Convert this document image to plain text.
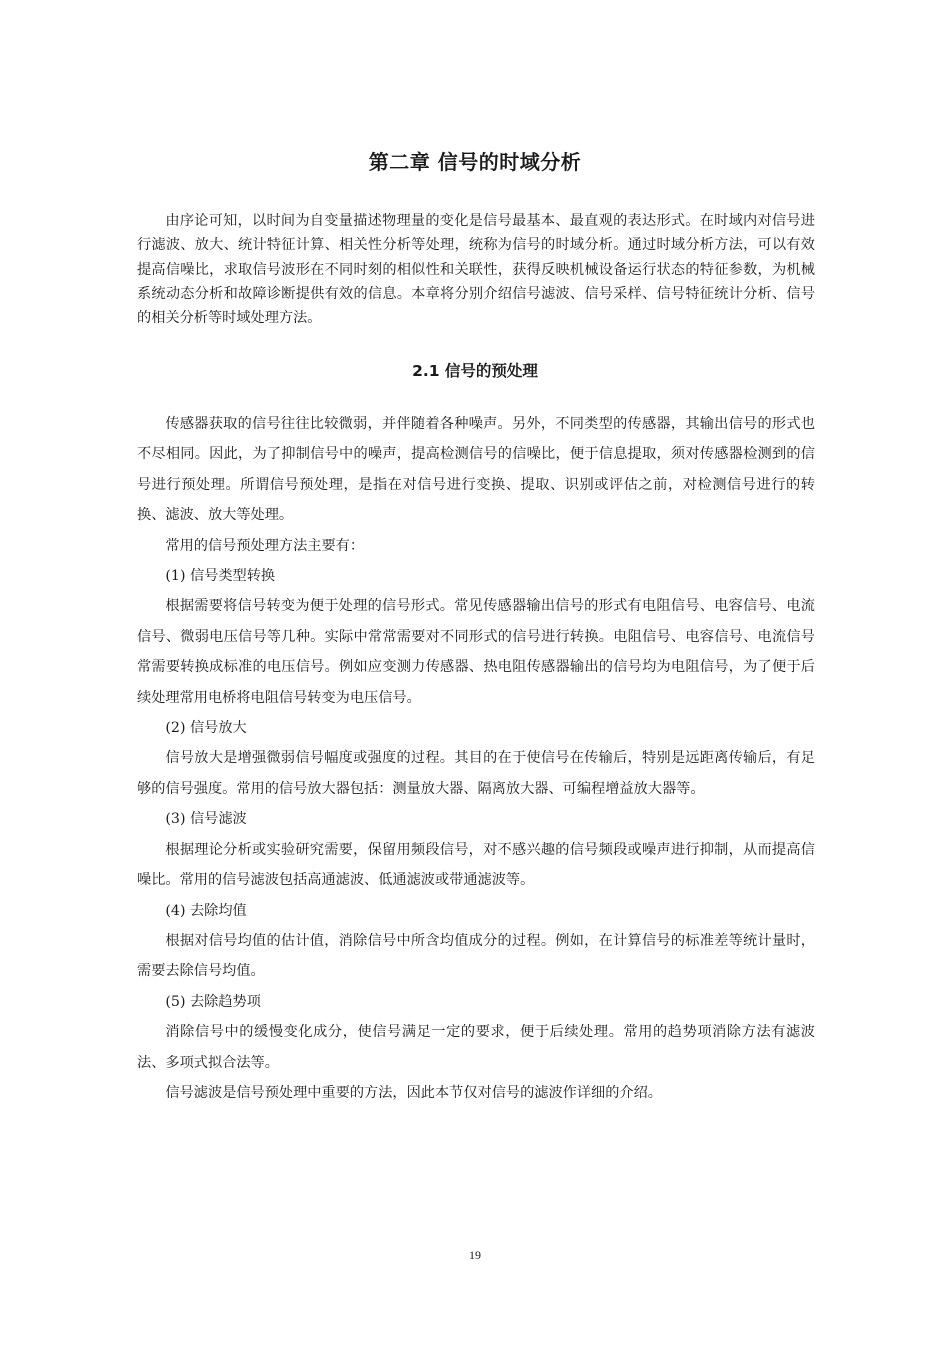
第二章 信号的时域分析

由序论可知，以时间为自变量描述物理量的变化是信号最基本、最直观的表达形式。在时域内对信号进行滤波、放大、统计特征计算、相关性分析等处理，统称为信号的时域分析。通过时域分析方法，可以有效提高信噪比，求取信号波形在不同时刻的相似性和关联性，获得反映机械设备运行状态的特征参数，为机械系统动态分析和故障诊断提供有效的信息。本章将分别介绍信号滤波、信号采样、信号特征统计分析、信号的相关分析等时域处理方法。

2.1 信号的预处理

传感器获取的信号往往比较微弱，并伴随着各种噪声。另外，不同类型的传感器，其输出信号的形式也不尽相同。因此，为了抑制信号中的噪声，提高检测信号的信噪比，便于信息提取，须对传感器检测到的信号进行预处理。所谓信号预处理，是指在对信号进行变换、提取、识别或评估之前，对检测信号进行的转换、滤波、放大等处理。

常用的信号预处理方法主要有：

(1) 信号类型转换

根据需要将信号转变为便于处理的信号形式。常见传感器输出信号的形式有电阻信号、电容信号、电流信号、微弱电压信号等几种。实际中常常需要对不同形式的信号进行转换。电阻信号、电容信号、电流信号常需要转换成标准的电压信号。例如应变测力传感器、热电阻传感器输出的信号均为电阻信号，为了便于后续处理常用电桥将电阻信号转变为电压信号。

(2) 信号放大

信号放大是增强微弱信号幅度或强度的过程。其目的在于使信号在传输后，特别是远距离传输后，有足够的信号强度。常用的信号放大器包括：测量放大器、隔离放大器、可编程增益放大器等。

(3) 信号滤波

根据理论分析或实验研究需要，保留用频段信号，对不感兴趣的信号频段或噪声进行抑制，从而提高信噪比。常用的信号滤波包括高通滤波、低通滤波或带通滤波等。

(4) 去除均值

根据对信号均值的估计值，消除信号中所含均值成分的过程。例如，在计算信号的标准差等统计量时，需要去除信号均值。

(5) 去除趋势项

消除信号中的缓慢变化成分，使信号满足一定的要求，便于后续处理。常用的趋势项消除方法有滤波法、多项式拟合法等。

信号滤波是信号预处理中重要的方法，因此本节仅对信号的滤波作详细的介绍。

19
